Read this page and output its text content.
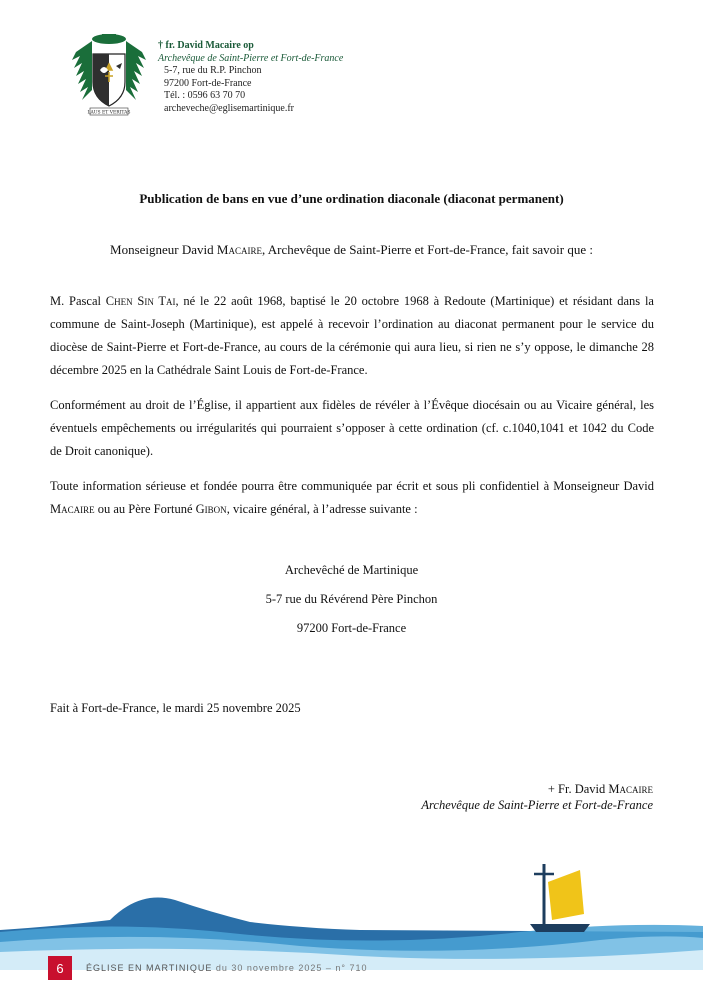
LAUS ET VERITAS
† fr. David Macaire op
Archevêque de Saint-Pierre et Fort-de-France
5-7, rue du R.P. Pinchon
97200 Fort-de-France
Tél. : 0596 63 70 70
archeveche@eglisemartinique.fr
Publication de bans en vue d’une ordination diaconale (diaconat permanent)
Monseigneur David Macaire, Archevêque de Saint-Pierre et Fort-de-France, fait savoir que :
M. Pascal Chen Sin Tai, né le 22 août 1968, baptisé le 20 octobre 1968 à Redoute (Martinique) et résidant dans la commune de Saint-Joseph (Martinique), est appelé à recevoir l’ordination au diaconat permanent pour le service du diocèse de Saint-Pierre et Fort-de-France, au cours de la cérémonie qui aura lieu, si rien ne s’y oppose, le dimanche 28 décembre 2025 en la Cathédrale Saint Louis de Fort-de-France.
Conformément au droit de l’Église, il appartient aux fidèles de révéler à l’Évêque diocésain ou au Vicaire général, les éventuels empêchements ou irrégularités qui pourraient s’opposer à cette ordination (cf. c.1040,1041 et 1042 du Code de Droit canonique).
Toute information sérieuse et fondée pourra être communiquée par écrit et sous pli confidentiel à Monseigneur David Macaire ou au Père Fortuné Gibon, vicaire général, à l’adresse suivante :
Archevêché de Martinique
5-7 rue du Révérend Père Pinchon
97200 Fort-de-France
Fait à Fort-de-France, le mardi 25 novembre 2025
+ Fr. David Macaire
Archevêque de Saint-Pierre et Fort-de-France
6	ÉGLISE EN MARTINIQUE du 30 novembre 2025 – n° 710
